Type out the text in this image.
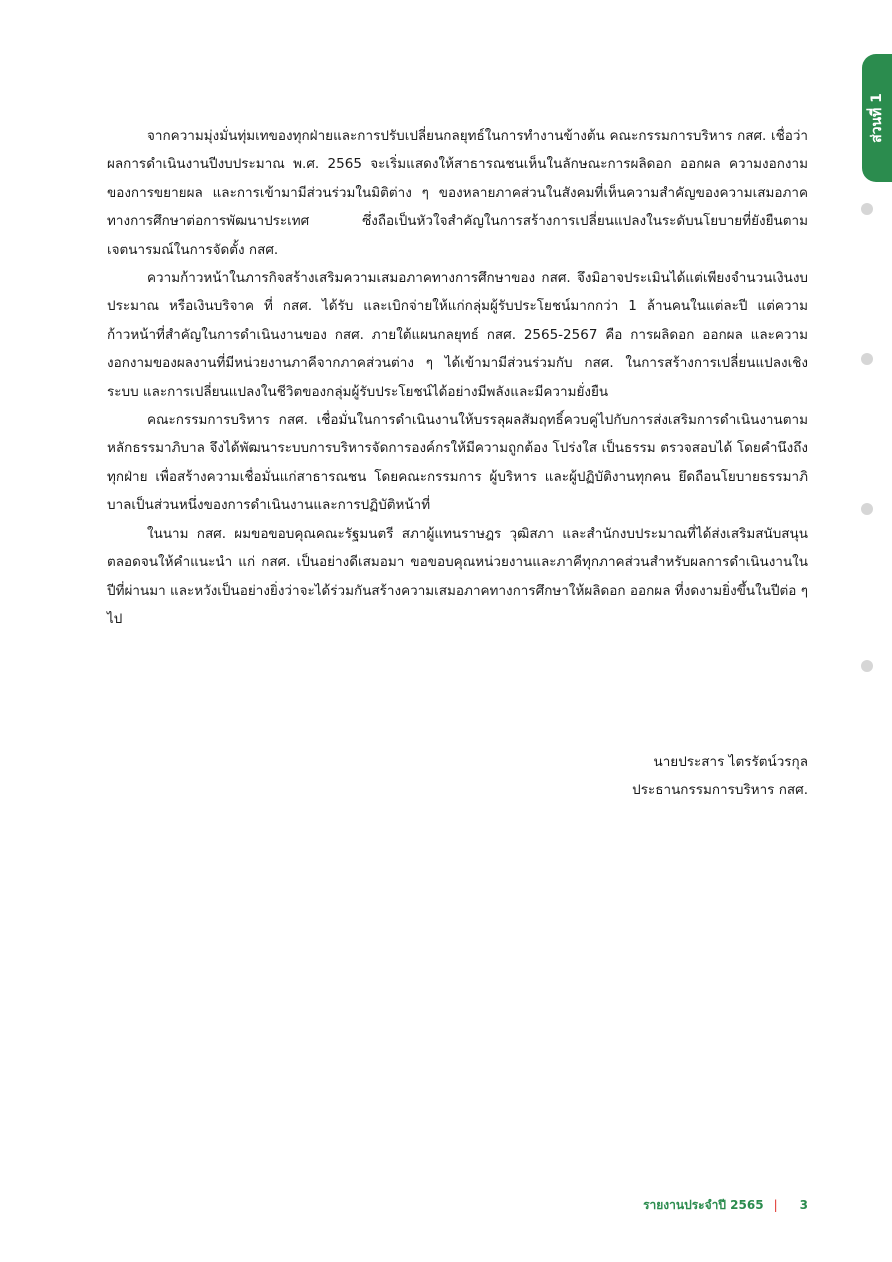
ส่วนที่ 1

จากความมุ่งมั่นทุ่มเทของทุกฝ่ายและการปรับเปลี่ยนกลยุทธ์ในการทำงานข้างต้น คณะกรรมการบริหาร กสศ. เชื่อว่าผลการดำเนินงานปีงบประมาณ พ.ศ. 2565 จะเริ่มแสดงให้สาธารณชนเห็นในลักษณะการผลิดอก ออกผล ความงอกงามของการขยายผล และการเข้ามามีส่วนร่วมในมิติต่าง ๆ ของหลายภาคส่วนในสังคมที่เห็นความสำคัญของความเสมอภาคทางการศึกษาต่อการพัฒนาประเทศ ซึ่งถือเป็นหัวใจสำคัญในการสร้างการเปลี่ยนแปลงในระดับนโยบายที่ยังยืนตามเจตนารมณ์ในการจัดตั้ง กสศ.

ความก้าวหน้าในภารกิจสร้างเสริมความเสมอภาคทางการศึกษาของ กสศ. จึงมิอาจประเมินได้แต่เพียงจำนวนเงินงบประมาณ หรือเงินบริจาค ที่ กสศ. ได้รับ และเบิกจ่ายให้แก่กลุ่มผู้รับประโยชน์มากกว่า 1 ล้านคนในแต่ละปี แต่ความก้าวหน้าที่สำคัญในการดำเนินงานของ กสศ. ภายใต้แผนกลยุทธ์ กสศ. 2565-2567 คือ การผลิดอก ออกผล และความงอกงามของผลงานที่มีหน่วยงานภาคีจากภาคส่วนต่าง ๆ ได้เข้ามามีส่วนร่วมกับ กสศ. ในการสร้างการเปลี่ยนแปลงเชิงระบบ และการเปลี่ยนแปลงในชีวิตของกลุ่มผู้รับประโยชน์ได้อย่างมีพลังและมีความยั่งยืน

คณะกรรมการบริหาร กสศ. เชื่อมั่นในการดำเนินงานให้บรรลุผลสัมฤทธิ์ควบคู่ไปกับการส่งเสริมการดำเนินงานตามหลักธรรมาภิบาล จึงได้พัฒนาระบบการบริหารจัดการองค์กรให้มีความถูกต้อง โปร่งใส เป็นธรรม ตรวจสอบได้ โดยคำนึงถึงทุกฝ่าย เพื่อสร้างความเชื่อมั่นแก่สาธารณชน โดยคณะกรรมการ ผู้บริหาร และผู้ปฏิบัติงานทุกคน ยึดถือนโยบายธรรมาภิบาลเป็นส่วนหนึ่งของการดำเนินงานและการปฏิบัติหน้าที่

ในนาม กสศ. ผมขอขอบคุณคณะรัฐมนตรี สภาผู้แทนราษฎร วุฒิสภา และสำนักงบประมาณที่ได้ส่งเสริมสนับสนุน ตลอดจนให้คำแนะนำ แก่ กสศ. เป็นอย่างดีเสมอมา ขอขอบคุณหน่วยงานและภาคีทุกภาคส่วนสำหรับผลการดำเนินงานในปีที่ผ่านมา และหวังเป็นอย่างยิ่งว่าจะได้ร่วมกันสร้างความเสมอภาคทางการศึกษาให้ผลิดอก ออกผล ที่งดงามยิ่งขึ้นในปีต่อ ๆ ไป

นายประสาร ไตรรัตน์วรกุล
ประธานกรรมการบริหาร กสศ.
รายงานประจำปี 2565 | 3
